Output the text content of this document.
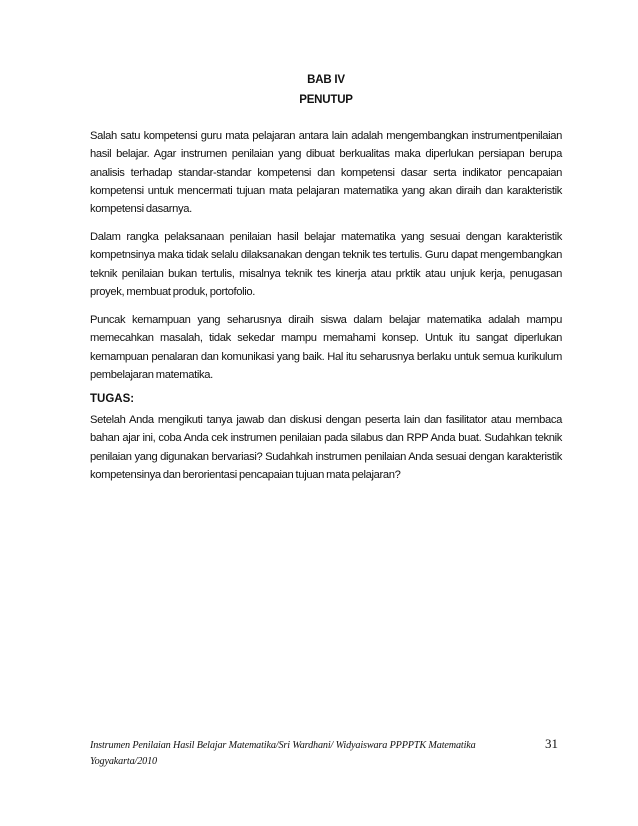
BAB IV
PENUTUP

Salah satu kompetensi guru mata pelajaran antara lain adalah mengembangkan instrumentpenilaian hasil belajar. Agar instrumen penilaian yang dibuat berkualitas maka diperlukan persiapan berupa analisis terhadap standar-standar kompetensi dan kompetensi dasar serta indikator pencapaian kompetensi untuk mencermati tujuan mata pelajaran matematika yang akan diraih dan karakteristik kompetensi dasarnya.

Dalam rangka pelaksanaan penilaian hasil belajar matematika yang sesuai dengan karakteristik kompetnsinya maka tidak selalu dilaksanakan dengan teknik tes tertulis. Guru dapat mengembangkan teknik penilaian bukan tertulis, misalnya teknik tes kinerja atau prktik atau unjuk kerja, penugasan proyek, membuat produk, portofolio.

Puncak kemampuan yang seharusnya diraih siswa dalam belajar matematika adalah mampu memecahkan masalah, tidak sekedar mampu memahami konsep. Untuk itu sangat diperlukan kemampuan penalaran dan komunikasi yang baik. Hal itu seharusnya berlaku untuk semua kurikulum pembelajaran matematika.

TUGAS:

Setelah Anda mengikuti tanya jawab dan diskusi dengan peserta lain dan fasilitator atau membaca bahan ajar ini, coba Anda cek instrumen penilaian pada silabus dan RPP Anda buat. Sudahkan teknik penilaian yang digunakan bervariasi? Sudahkah instrumen penilaian Anda sesuai dengan karakteristik kompetensinya dan berorientasi pencapaian tujuan mata pelajaran?

Instrumen Penilaian Hasil Belajar Matematika/Sri Wardhani/ Widyaiswara PPPPTK Matematika Yogyakarta/2010
31
